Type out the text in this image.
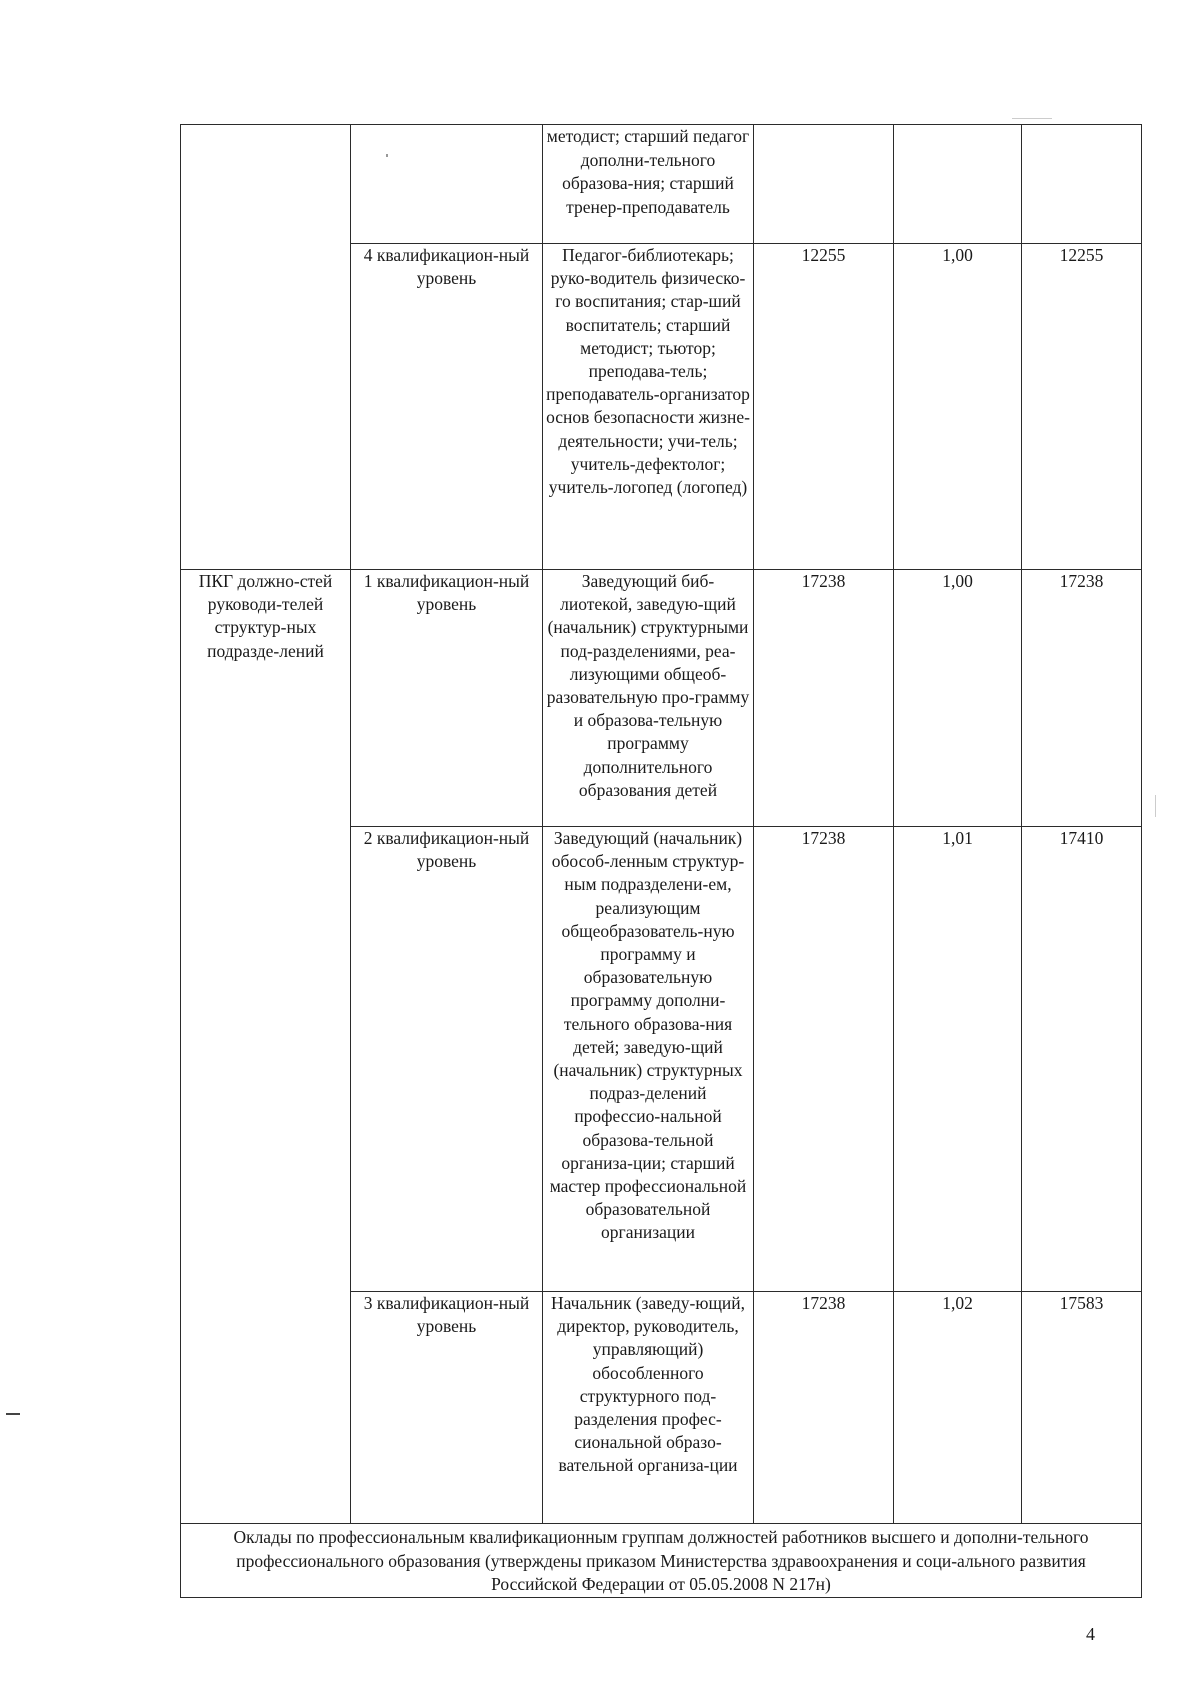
		методист; старший педагог дополни-тельного образова-ния; старший тренер-преподаватель			
	4 квалификацион-ный уровень	Педагог-библиотекарь; руко-водитель физическо-го воспитания; стар-ший воспитатель; старший методист; тьютор; преподава-тель; преподаватель-организатор основ безопасности жизне-деятельности; учи-тель; учитель-дефектолог; учитель-логопед (логопед)	12255	1,00	12255
ПКГ должно-стей руководи-телей структур-ных подразде-лений	1 квалификацион-ный уровень	Заведующий биб-лиотекой, заведую-щий (начальник) структурными под-разделениями, реа-лизующими общеоб-разовательную про-грамму и образова-тельную программу дополнительного образования детей	17238	1,00	17238
	2 квалификацион-ный уровень	Заведующий (начальник) обособ-ленным структур-ным подразделени-ем, реализующим общеобразователь-ную программу и образовательную программу дополни-тельного образова-ния детей; заведую-щий (начальник) структурных подраз-делений профессио-нальной образова-тельной организа-ции; старший мастер профессиональной образовательной организации	17238	1,01	17410
	3 квалификацион-ный уровень	Начальник (заведу-ющий, директор, руководитель, управляющий) обособленного структурного под-разделения профес-сиональной образо-вательной организа-ции	17238	1,02	17583
Оклады по профессиональным квалификационным группам должностей работников высшего и дополни-тельного профессионального образования (утверждены приказом Министерства здравоохранения и соци-ального развития Российской Федерации от 05.05.2008 N 217н)					
4
